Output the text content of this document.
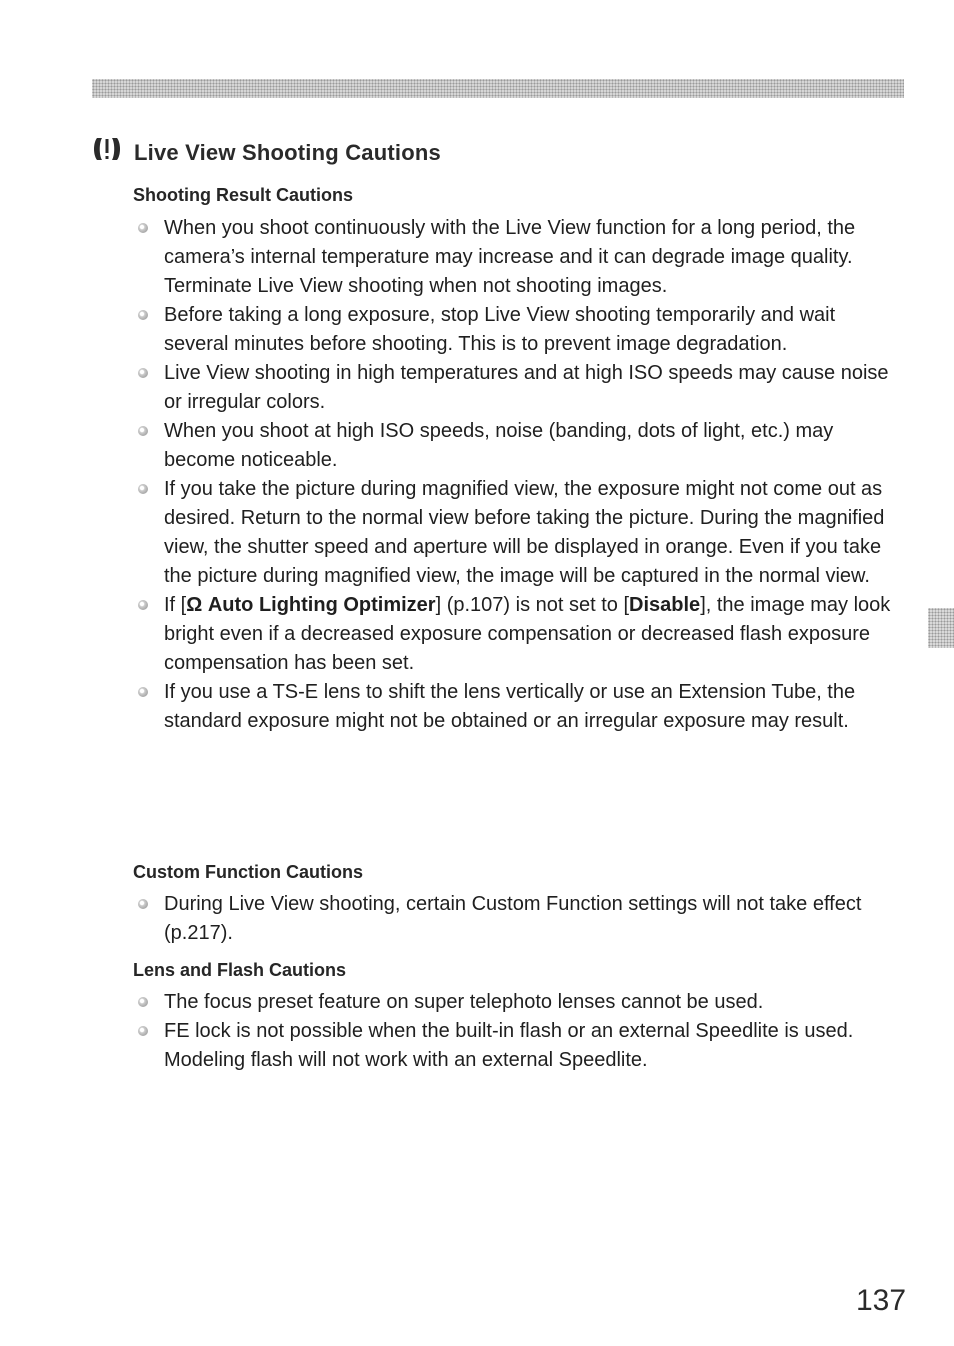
Live View Shooting Cautions
Shooting Result Cautions
When you shoot continuously with the Live View function for a long period, the camera’s internal temperature may increase and it can degrade image quality. Terminate Live View shooting when not shooting images.
Before taking a long exposure, stop Live View shooting temporarily and wait several minutes before shooting. This is to prevent image degradation.
Live View shooting in high temperatures and at high ISO speeds may cause noise or irregular colors.
When you shoot at high ISO speeds, noise (banding, dots of light, etc.) may become noticeable.
If you take the picture during magnified view, the exposure might not come out as desired. Return to the normal view before taking the picture. During the magnified view, the shutter speed and aperture will be displayed in orange. Even if you take the picture during magnified view, the image will be captured in the normal view.
If [Ω Auto Lighting Optimizer] (p.107) is not set to [Disable], the image may look bright even if a decreased exposure compensation or decreased flash exposure compensation has been set.
If you use a TS-E lens to shift the lens vertically or use an Extension Tube, the standard exposure might not be obtained or an irregular exposure may result.
Custom Function Cautions
During Live View shooting, certain Custom Function settings will not take effect (p.217).
Lens and Flash Cautions
The focus preset feature on super telephoto lenses cannot be used.
FE lock is not possible when the built-in flash or an external Speedlite is used. Modeling flash will not work with an external Speedlite.

137
